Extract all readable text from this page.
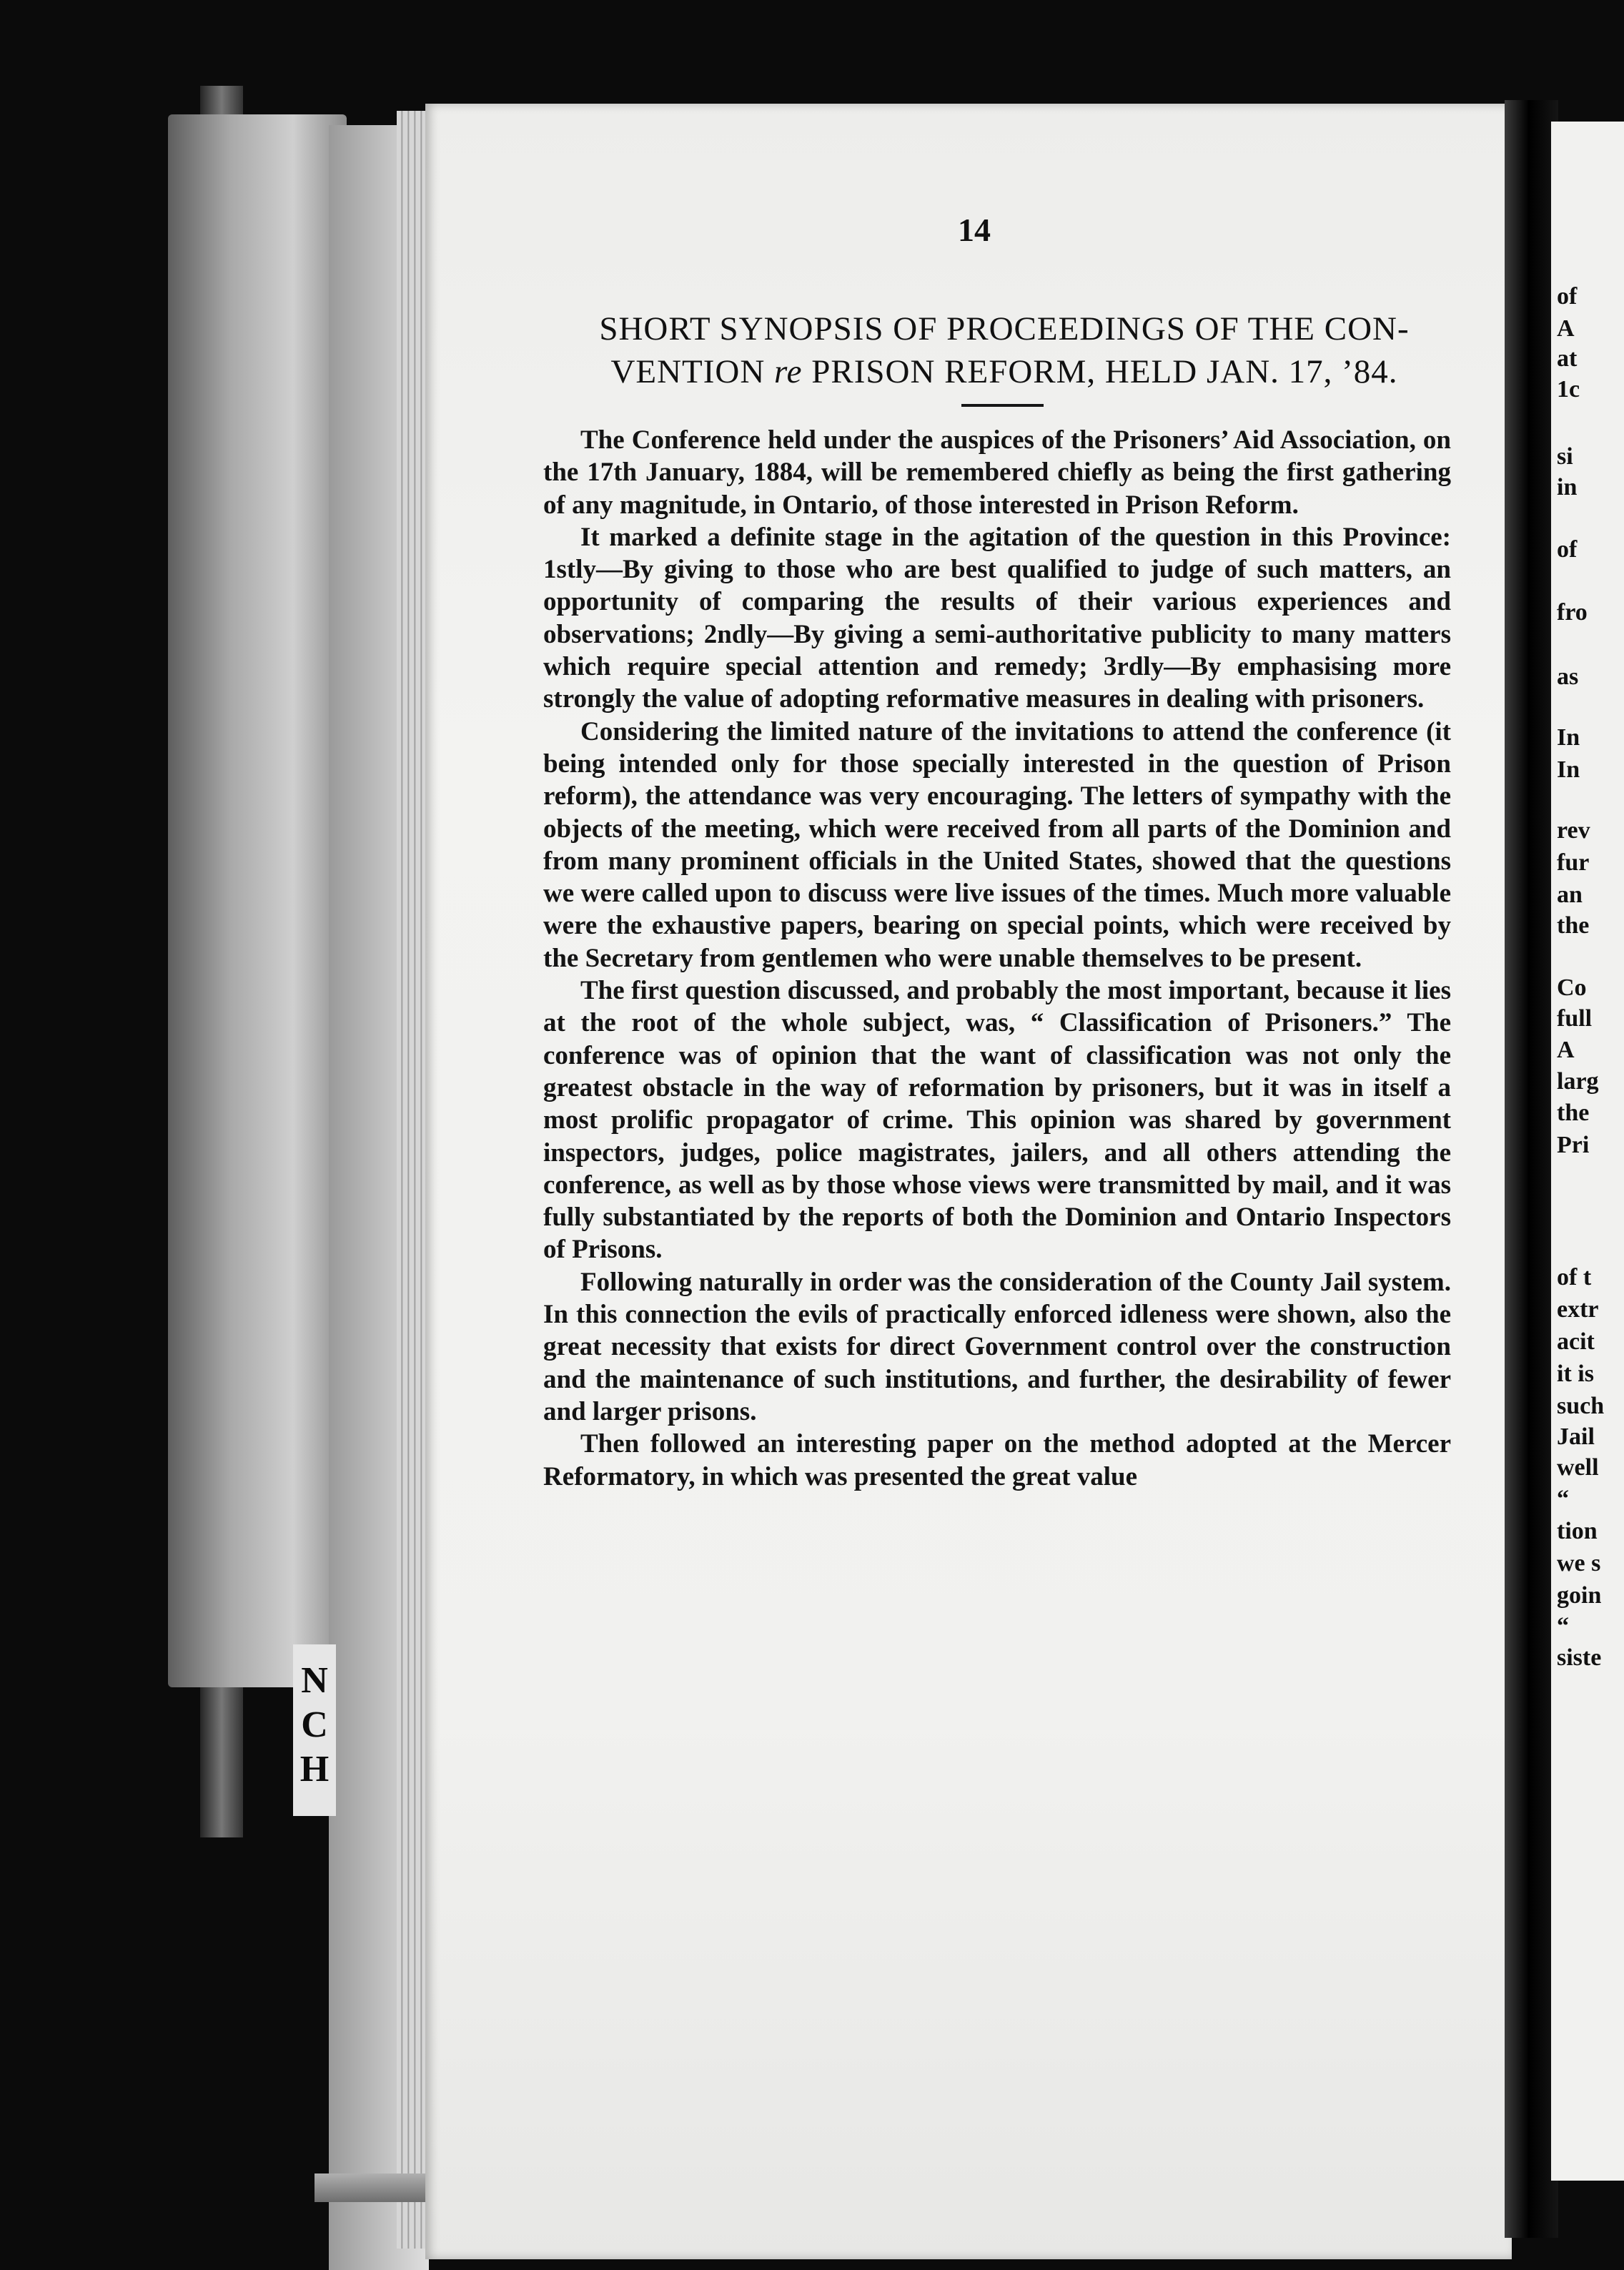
N
C
H
14
SHORT SYNOPSIS OF PROCEEDINGS OF THE CON-
VENTION re PRISON REFORM, HELD JAN. 17, ’84.

The Conference held under the auspices of the Prisoners’ Aid Association, on the 17th January, 1884, will be remembered chiefly as being the first gathering of any magnitude, in Ontario, of those interested in Prison Reform.

It marked a definite stage in the agitation of the question in this Province: 1stly—By giving to those who are best qualified to judge of such matters, an opportunity of comparing the results of their various experiences and observations; 2ndly—By giving a semi-authoritative publicity to many matters which require special attention and remedy; 3rdly—By emphasising more strongly the value of adopting reformative measures in dealing with prisoners.

Considering the limited nature of the invitations to attend the conference (it being intended only for those specially interested in the question of Prison reform), the attendance was very encouraging. The letters of sympathy with the objects of the meeting, which were received from all parts of the Dominion and from many prominent officials in the United States, showed that the questions we were called upon to discuss were live issues of the times. Much more valuable were the exhaustive papers, bearing on special points, which were received by the Secretary from gentlemen who were unable themselves to be present.

The first question discussed, and probably the most important, because it lies at the root of the whole subject, was, “ Classification of Prisoners.” The conference was of opinion that the want of classification was not only the greatest obstacle in the way of reformation by prisoners, but it was in itself a most prolific propagator of crime. This opinion was shared by government inspectors, judges, police magistrates, jailers, and all others attending the conference, as well as by those whose views were transmitted by mail, and it was fully substantiated by the reports of both the Dominion and Ontario Inspectors of Prisons.

Following naturally in order was the consideration of the County Jail system. In this connection the evils of practically enforced idleness were shown, also the great necessity that exists for direct Government control over the construction and the maintenance of such institutions, and further, the desirability of fewer and larger prisons.

Then followed an interesting paper on the method adopted at the Mercer Reformatory, in which was presented the great value

of
A
at
1c
si
in
of
fro
as
In
In
rev
fur
an
the
Co
full
A
larg
the
Pri
of t
extr
acit
it is
such
Jail
well
“
tion
we s
goin
“
siste
